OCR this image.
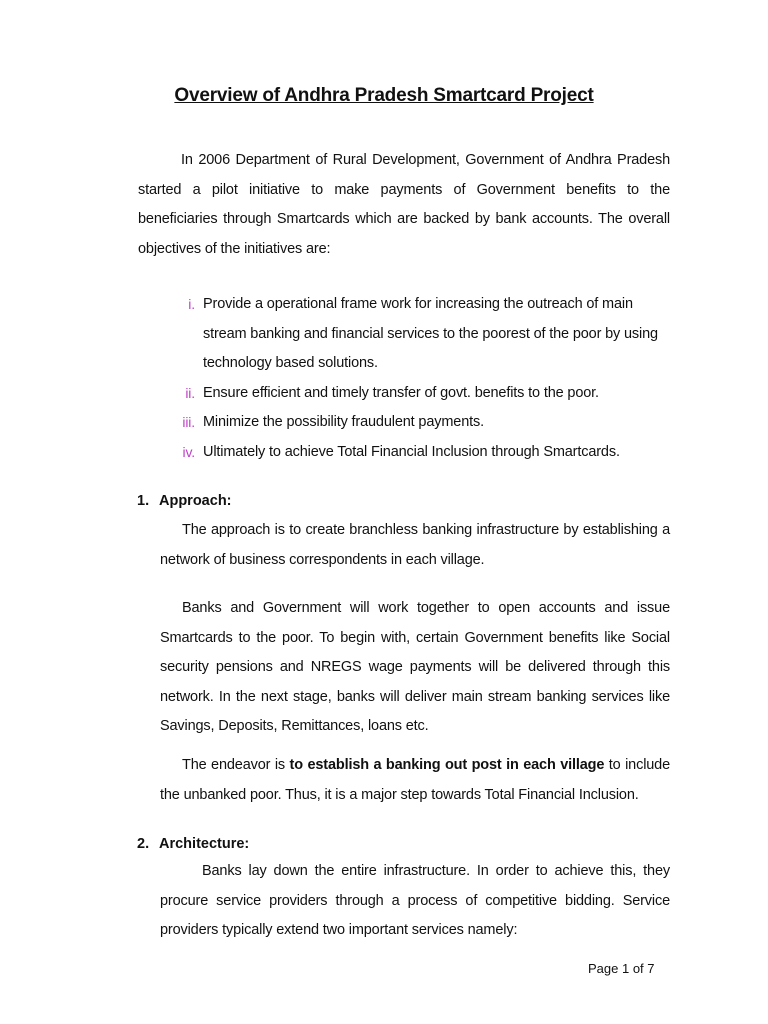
Overview of Andhra Pradesh Smartcard Project
In 2006 Department of Rural Development, Government of Andhra Pradesh started a pilot initiative to make payments of Government benefits to the beneficiaries through Smartcards which are backed by bank accounts. The overall objectives of the initiatives are:
i. Provide a operational frame work for increasing the outreach of main stream banking and financial services to the poorest of the poor by using technology based solutions.
ii. Ensure efficient and timely transfer of govt. benefits to the poor.
iii. Minimize the possibility fraudulent payments.
iv. Ultimately to achieve Total Financial Inclusion through Smartcards.
1. Approach:
The approach is to create branchless banking infrastructure by establishing a network of business correspondents in each village.
Banks and Government will work together to open accounts and issue Smartcards to the poor. To begin with, certain Government benefits like Social security pensions and NREGS wage payments will be delivered through this network. In the next stage, banks will deliver main stream banking services like Savings, Deposits, Remittances, loans etc.
The endeavor is to establish a banking out post in each village to include the unbanked poor. Thus, it is a major step towards Total Financial Inclusion.
2. Architecture:
Banks lay down the entire infrastructure. In order to achieve this, they procure service providers through a process of competitive bidding. Service providers typically extend two important services namely:
Page 1 of 7
